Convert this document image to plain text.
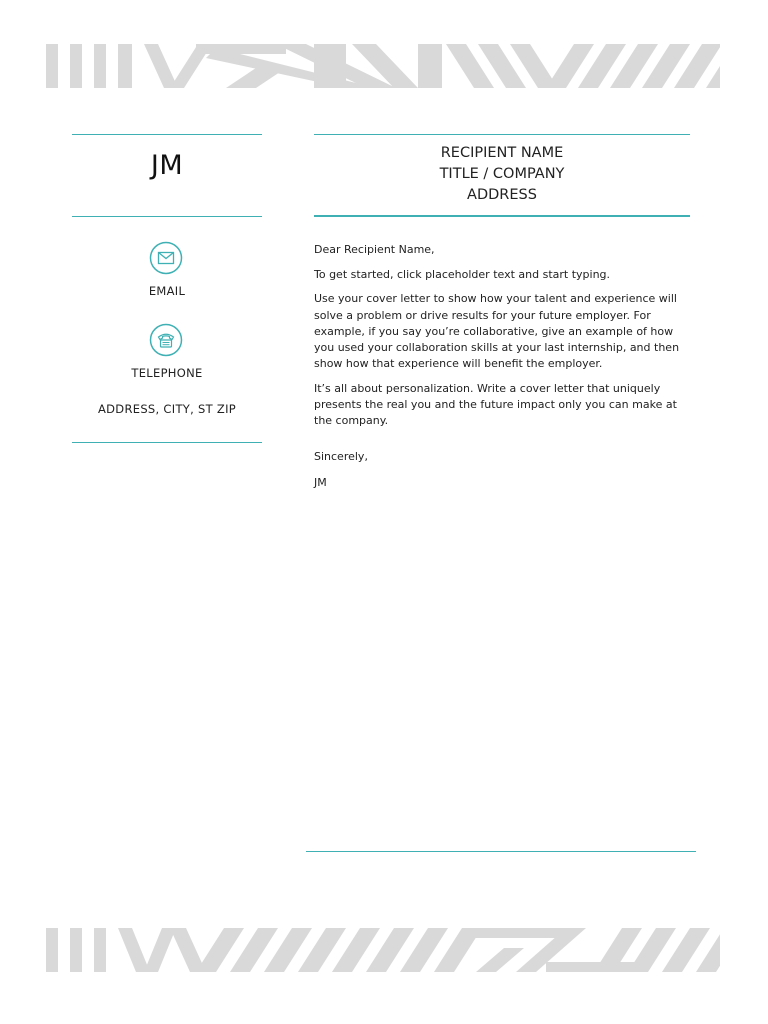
JM
EMAIL
TELEPHONE
ADDRESS, CITY, ST ZIP
RECIPIENT NAME
TITLE / COMPANY
ADDRESS

Dear Recipient Name,

To get started, click placeholder text and start typing.

Use your cover letter to show how your talent and experience will solve a problem or drive results for your future employer. For example, if you say you’re collaborative, give an example of how you used your collaboration skills at your last internship, and then show how that experience will benefit the employer.

It’s all about personalization. Write a cover letter that uniquely presents the real you and the future impact only you can make at the company.

Sincerely,

JM
